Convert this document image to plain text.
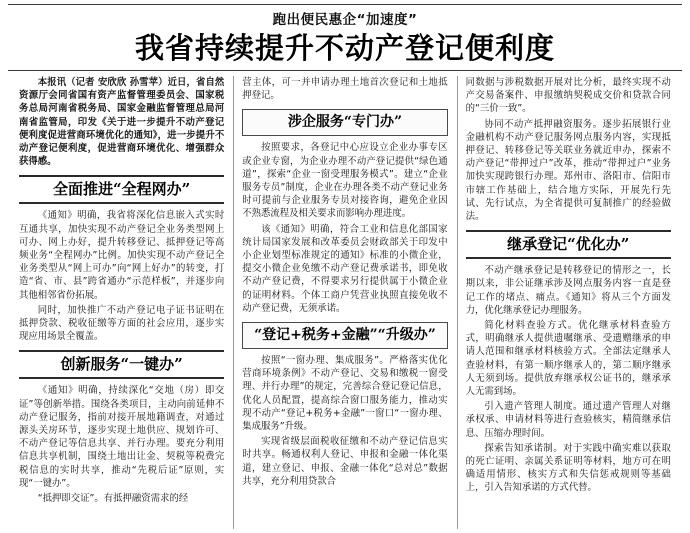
跑出便民惠企“加速度”
我省持续提升不动产登记便利度

本报讯（记者 安欣欣 孙雪苹）近日，省自然资源厅会同省国有资产监督管理委员会、国家税务总局河南省税务局、国家金融监督管理总局河南省监管局，印发《关于进一步提升不动产登记便利度促进营商环境优化的通知》，进一步提升不动产登记便利度，促进营商环境优化、增强群众获得感。

全面推进“全程网办”

《通知》明确，我省将深化信息嵌入式实时互通共享，加快实现不动产登记全业务类型网上可办、网上办好，提升转移登记、抵押登记等高频业务“全程网办”比例。加快实现不动产登记全业务类型从“网上可办”向“网上好办”的转变，打造“省、市、县”跨省通办“示范样板”，并逐步向其他相邻省份拓展。

同时，加快推广不动产登记电子证书证明在抵押贷款、税收征缴等方面的社会应用，逐步实现应用场景全覆盖。

创新服务“一键办”

《通知》明确，持续深化“交地（房）即交证”等创新举措。围绕各类项目，主动向前延伸不动产登记服务，指前对接开展地籍调查，对通过源头关房环节，逐步实现土地供应、规划许可、不动产登记等信息共享、并行办理。要充分利用信息共享机制，围绕土地出让金、契税等税费完税信息的实时共享，推动“先税后证”原则，实现“一键办”。

“抵押即交证”。有抵押融资需求的经

营主体，可一并申请办理土地首次登记和土地抵押登记。

涉企服务“专门办”

按照要求，各登记中心应设立企业办事专区或企业专窗，为企业办理不动产登记提供“绿色通道”，探索“企业一窗受理服务模式”。建立“企业服务专员”制度，企业在办理各类不动产登记业务时可提前与企业服务专员对接咨询，避免企业因不熟悉流程及相关要求而影响办理进度。

该《通知》明确，符合工业和信息化部国家统计局国家发展和改革委员会财政部关于印发中小企业划型标准规定的通知》标准的小微企业，提交小微企业免缴不动产登记费承诺书，即免收不动产登记费，不得要求另行提供属于小微企业的证明材料。个体工商户凭营业执照直接免收不动产登记费，无须承诺。

“登记+税务+金融”“升级办”

按照“一窗办理、集成服务”。严格落实优化营商环境条例》不动产登记、交易和缴税一窗受理、并行办理”的规定，完善综合登记登记信息，优化人员配置，提高综合窗口服务能力，推动实现不动产“登记+税务+金融”一窗口“一窗办理、集成服务”升级。

实现省级层面税收征缴和不动产登记信息实时共享。畅通权利人登记、申报和金融一体化渠道，建立登记、申报、金融一体化“总对总”数据共享，充分利用贷款合

同数据与涉税数据开展对比分析，最终实现不动产交易备案件、申报缴纳契税成交价和贷款合同的“三价一致”。

协同不动产抵押融资服务。逐步拓展银行业金融机构不动产登记服务网点服务内容，实现抵押登记、转移登记等关联业务就近申办，探索不动产登记“带押过户”改革，推动“带押过户”业务加快实现跨银行办理。郑州市、洛阳市、信阳市市辖工作基础上，结合地方实际，开展先行先试、先行试点，为全省提供可复制推广的经验做法。

继承登记“优化办”

不动产继承登记是转移登记的情形之一，长期以来，非公证继承涉及网点服务内容一直是登记工作的堵点、痛点。《通知》将从三个方面发力，优化继承登记办理服务。

简化材料查验方式。优化继承材料查验方式，明确继承人提供遗嘱继承、受遗赠继承的申请人范围和继承材料核验方式。全部法定继承人查验材料，有第一顺序继承人的，第二顺序继承人无须到场。提供放弃继承权公证书的，继承承人无需到场。

引入遗产管理人制度。通过遗产管理人对继承权承、申请材料等进行查验核实，精简继承信息、压缩办理时间。

探索告知承诺制。对于实践中确实难以获取的死亡证明、亲属关系证明等材料，地方可在明确适用情形、核实方式和失信惩戒规则等基础上，引入告知承诺的方式代替。
